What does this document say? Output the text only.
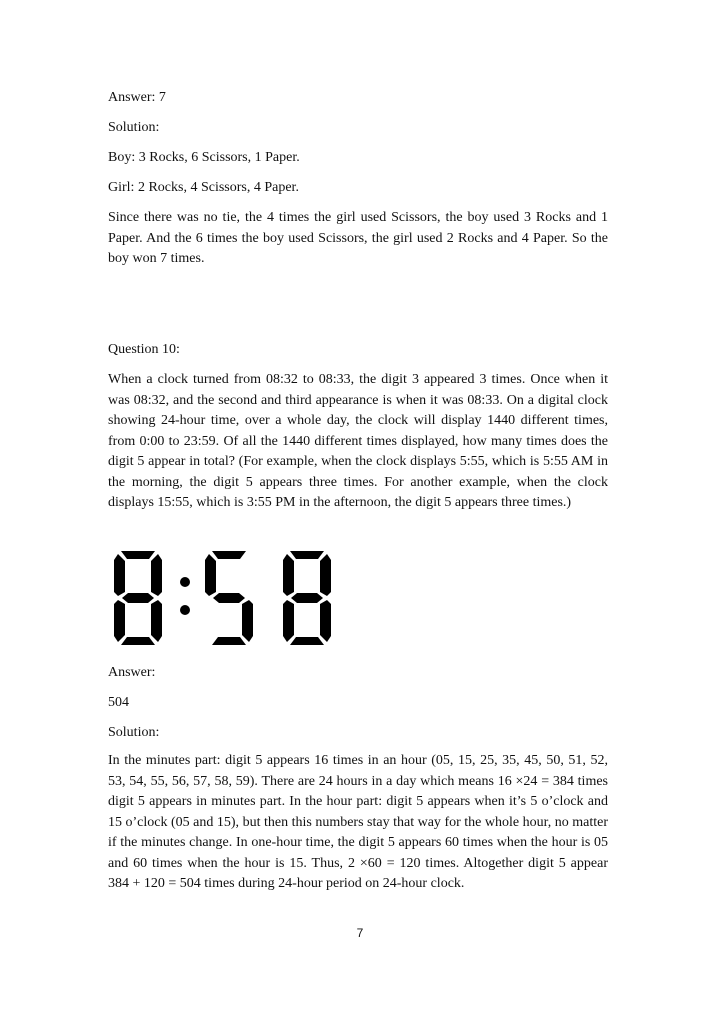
Answer: 7

Solution:

Boy: 3 Rocks, 6 Scissors, 1 Paper.

Girl: 2 Rocks, 4 Scissors, 4 Paper.

Since there was no tie, the 4 times the girl used Scissors, the boy used 3 Rocks and 1 Paper. And the 6 times the boy used Scissors, the girl used 2 Rocks and 4 Paper. So the boy won 7 times.

Question 10:

When a clock turned from 08:32 to 08:33, the digit 3 appeared 3 times. Once when it was 08:32, and the second and third appearance is when it was 08:33. On a digital clock showing 24-hour time, over a whole day, the clock will display 1440 different times, from 0:00 to 23:59. Of all the 1440 different times displayed, how many times does the digit 5 appear in total? (For example, when the clock displays 5:55, which is 5:55 AM in the morning, the digit 5 appears three times. For another example, when the clock displays 15:55, which is 3:55 PM in the afternoon, the digit 5 appears three times.)

Answer:

504

Solution:

In the minutes part: digit 5 appears 16 times in an hour (05, 15, 25, 35, 45, 50, 51, 52, 53, 54, 55, 56, 57, 58, 59). There are 24 hours in a day which means 16 ×24 = 384 times digit 5 appears in minutes part. In the hour part: digit 5 appears when it’s 5 o’clock and 15 o’clock (05 and 15), but then this numbers stay that way for the whole hour, no matter if the minutes change. In one-hour time, the digit 5 appears 60 times when the hour is 05 and 60 times when the hour is 15. Thus, 2 ×60 = 120 times. Altogether digit 5 appear 384 + 120 = 504 times during 24-hour period on 24-hour clock.

7
